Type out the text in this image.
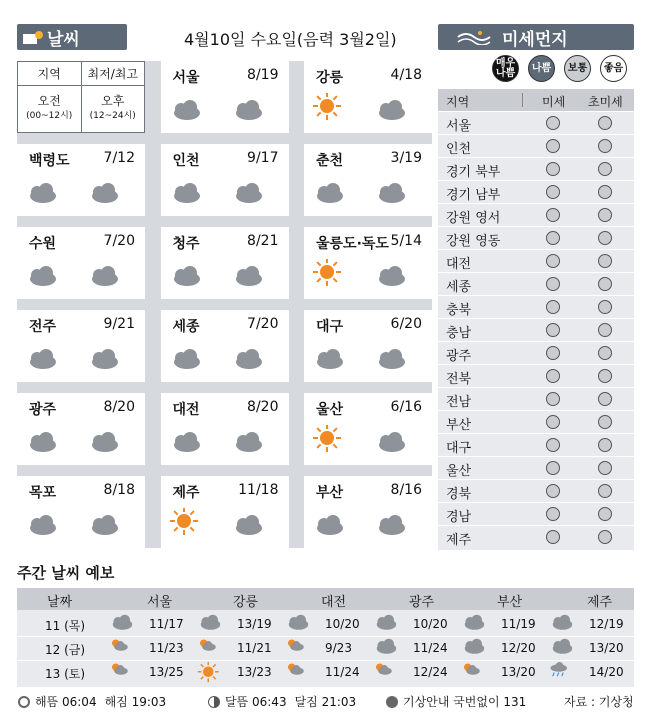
날씨	4월10일 수요일(음력 3월2일)	미세먼지
매우
나쁨	나쁨	보통	좋음
지역	최저/최고
오전
(00~12시)
오후
(12~24시)
서울	8/19	강릉	4/18
백령도 7/12	인천	9/17	춘천	3/19
수원	7/20	청주	8/21	울릉도·독도 5/14
전주	9/21	세종	7/20	대구	6/20
광주	8/20	대전	8/20	울산	6/16
목포	8/18	제주	11/18	부산	8/16
지역	미세 초미세
서울
인천
경기 북부
경기 남부
강원 영서
강원 영동
대전
세종
충북
충남
광주
전북
전남
부산
대구
울산
경북
경남
제주
주간 날씨 예보
날짜	서울	강릉	대전	광주	부산	제주
11 (목)	11/17	13/19	10/20	10/20	11/19	12/19
12 (금)	11/23	11/21	9/23	11/24	12/20	13/20
13 (토)	13/25	13/23	11/24	12/24	13/20	14/20
해뜸 06:04 해짐 19:03	달뜸 06:43 달짐 21:03	기상안내 국번없이 131	자료 : 기상청
